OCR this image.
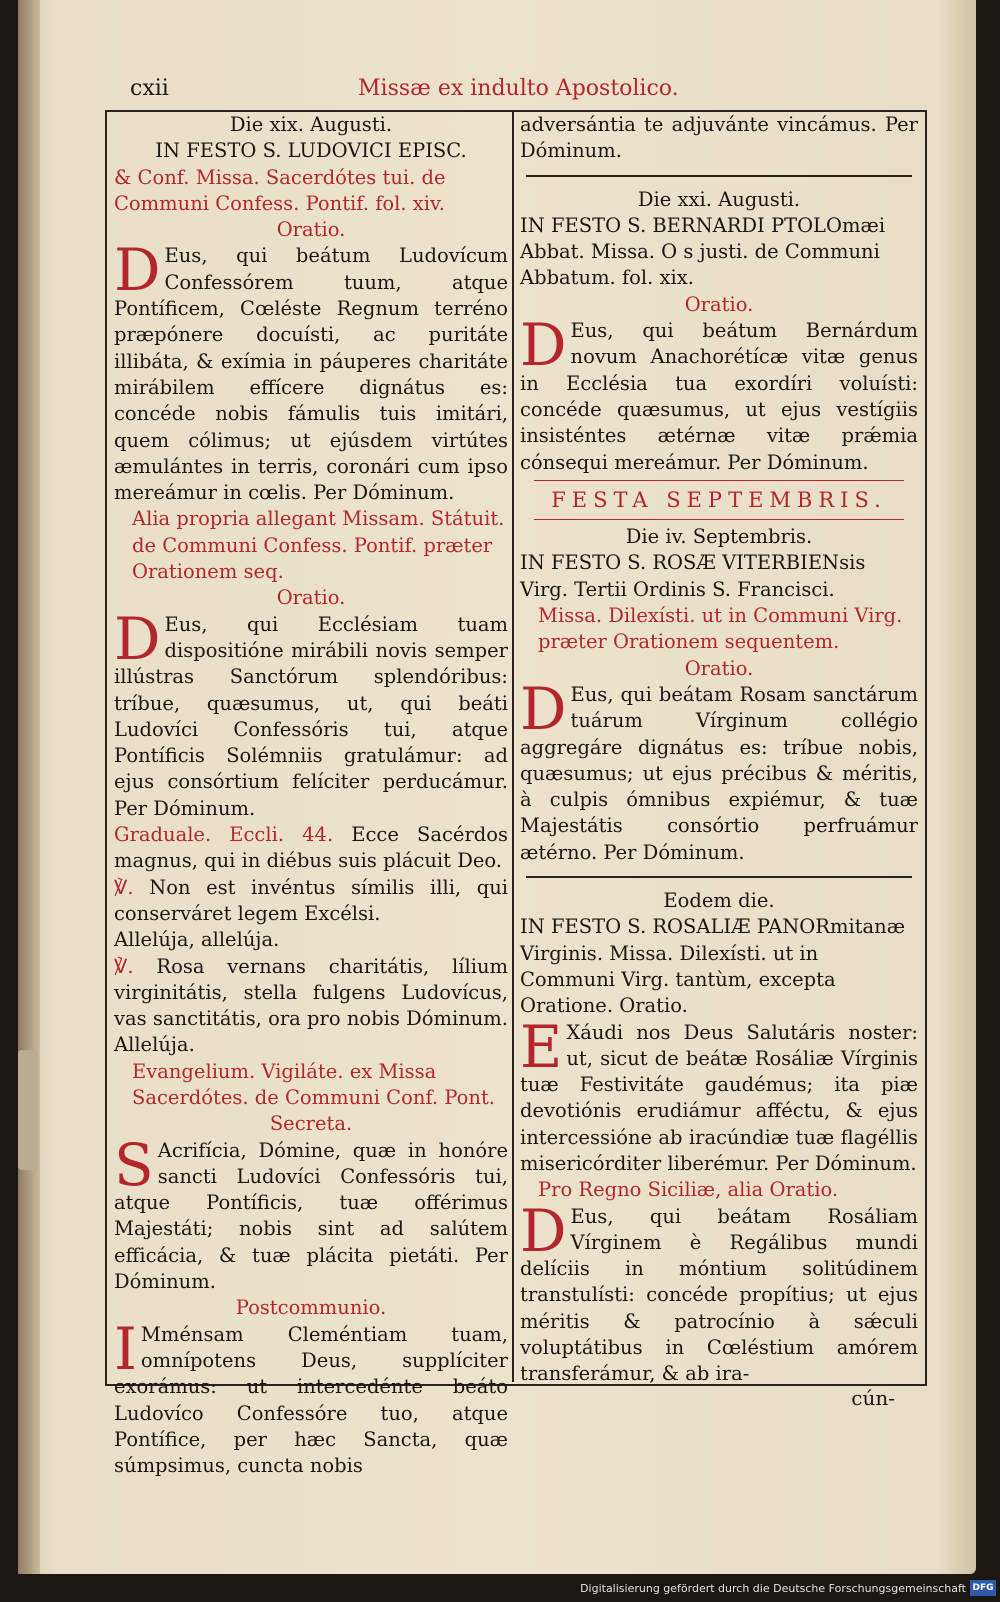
cxii	Missæ ex indulto Apostolico.

Die xix. Augusti.

IN FESTO S. LUDOVICI EPISC.

& Conf. Missa. Sacerdótes tui. de Communi Confess. Pontif. fol. xiv.

Oratio.

D Eus, qui beátum Ludovícum Confessórem tuum, atque Pontíficem, Cœléste Regnum terréno præpónere docuísti, ac puritáte illibáta, & exímia in páuperes charitáte mirábilem effícere dignátus es: concéde nobis fámulis tuis imitári, quem cólimus; ut ejúsdem virtútes æmulántes in terris, coronári cum ipso mereámur in cœlis. Per Dóminum.

Alia propria allegant Missam. Státuit. de Communi Confess. Pontif. præter Orationem seq.

Oratio.

D Eus, qui Ecclésiam tuam dispositióne mirábili novis semper illústras Sanctórum splendóribus: tríbue, quæsumus, ut, qui beáti Ludovíci Confessóris tui, atque Pontíficis Solémniis gratulámur: ad ejus consórtium felíciter perducámur. Per Dóminum.

Graduale. Eccli. 44. Ecce Sacérdos magnus, qui in diébus suis plácuit Deo.

℣. Non est invéntus símilis illi, qui conserváret legem Excélsi.

Allelúja, allelúja.

℣. Rosa vernans charitátis, lílium virginitátis, stella fulgens Ludovícus, vas sanctitátis, ora pro nobis Dóminum. Allelúja.

Evangelium. Vigiláte. ex Missa Sacerdótes. de Communi Conf. Pont.

Secreta.

S Acrifícia, Dómine, quæ in honóre sancti Ludovíci Confessóris tui, atque Pontíficis, tuæ offérimus Majestáti; nobis sint ad salútem efficácia, & tuæ plácita pietáti. Per Dóminum.

Postcommunio.

I Mménsam Cleméntiam tuam, omnípotens Deus, supplíciter exorámus: ut intercedénte beáto Ludovíco Confessóre tuo, atque Pontífice, per hæc Sancta, quæ súmpsimus, cuncta nobis

adversántia te adjuvánte vincámus. Per Dóminum.

Die xxi. Augusti.

IN FESTO S. BERNARDI PTOLOmæi Abbat. Missa. O s justi. de Communi Abbatum. fol. xix.

Oratio.

D Eus, qui beátum Bernárdum novum Anachorétícæ vitæ genus in Ecclésia tua exordíri voluísti: concéde quæsumus, ut ejus vestígiis insisténtes ætérnæ vitæ prǽmia cónsequi mereámur. Per Dóminum.

FESTA SEPTEMBRIS.

Die iv. Septembris.

IN FESTO S. ROSÆ VITERBIENsis Virg. Tertii Ordinis S. Francisci.

Missa. Dilexísti. ut in Communi Virg. præter Orationem sequentem.

Oratio.

D Eus, qui beátam Rosam sanctárum tuárum Vírginum collégio aggregáre dignátus es: tríbue nobis, quæsumus; ut ejus précibus & méritis, à culpis ómnibus expiémur, & tuæ Majestátis consórtio perfruámur ætérno. Per Dóminum.

Eodem die.

IN FESTO S. ROSALIÆ PANORmitanæ Virginis. Missa. Dilexísti. ut in Communi Virg. tantùm, excepta Oratione. Oratio.

E Xáudi nos Deus Salutáris noster: ut, sicut de beátæ Rosáliæ Vírginis tuæ Festivitáte gaudémus; ita piæ devotiónis erudiámur afféctu, & ejus intercessióne ab iracúndiæ tuæ flagéllis misericórditer liberémur. Per Dóminum.

Pro Regno Siciliæ, alia Oratio.

D Eus, qui beátam Rosáliam Vírginem è Regálibus mundi delíciis in móntium solitúdinem transtulísti: concéde propítius; ut ejus méritis & patrocínio à sǽculi voluptátibus in Cœléstium amórem transferámur, & ab ira-

cún-
Digitalisierung gefördert durch die Deutsche Forschungsgemeinschaft DFG
